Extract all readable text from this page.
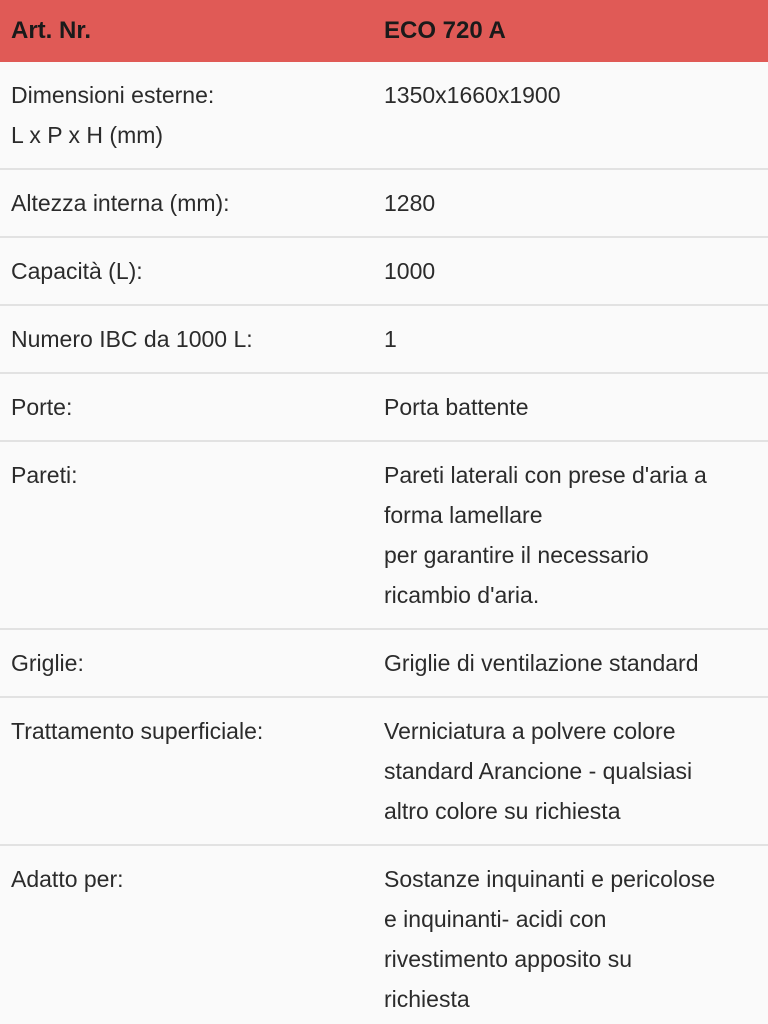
Art. Nr.	ECO 720 A

Dimensioni esterne:
L x P x H (mm)	1350x1660x1900

Altezza interna (mm):	1280

Capacità (L):	1000

Numero IBC da 1000 L:	1

Porte:	Porta battente

Pareti:	Pareti laterali con prese d'aria a
forma lamellare
per garantire il necessario
ricambio d'aria.

Griglie:	Griglie di ventilazione standard

Trattamento superficiale:	Verniciatura a polvere colore
standard Arancione - qualsiasi
altro colore su richiesta

Adatto per:	Sostanze inquinanti e pericolose
e inquinanti- acidi con
rivestimento apposito su
richiesta
